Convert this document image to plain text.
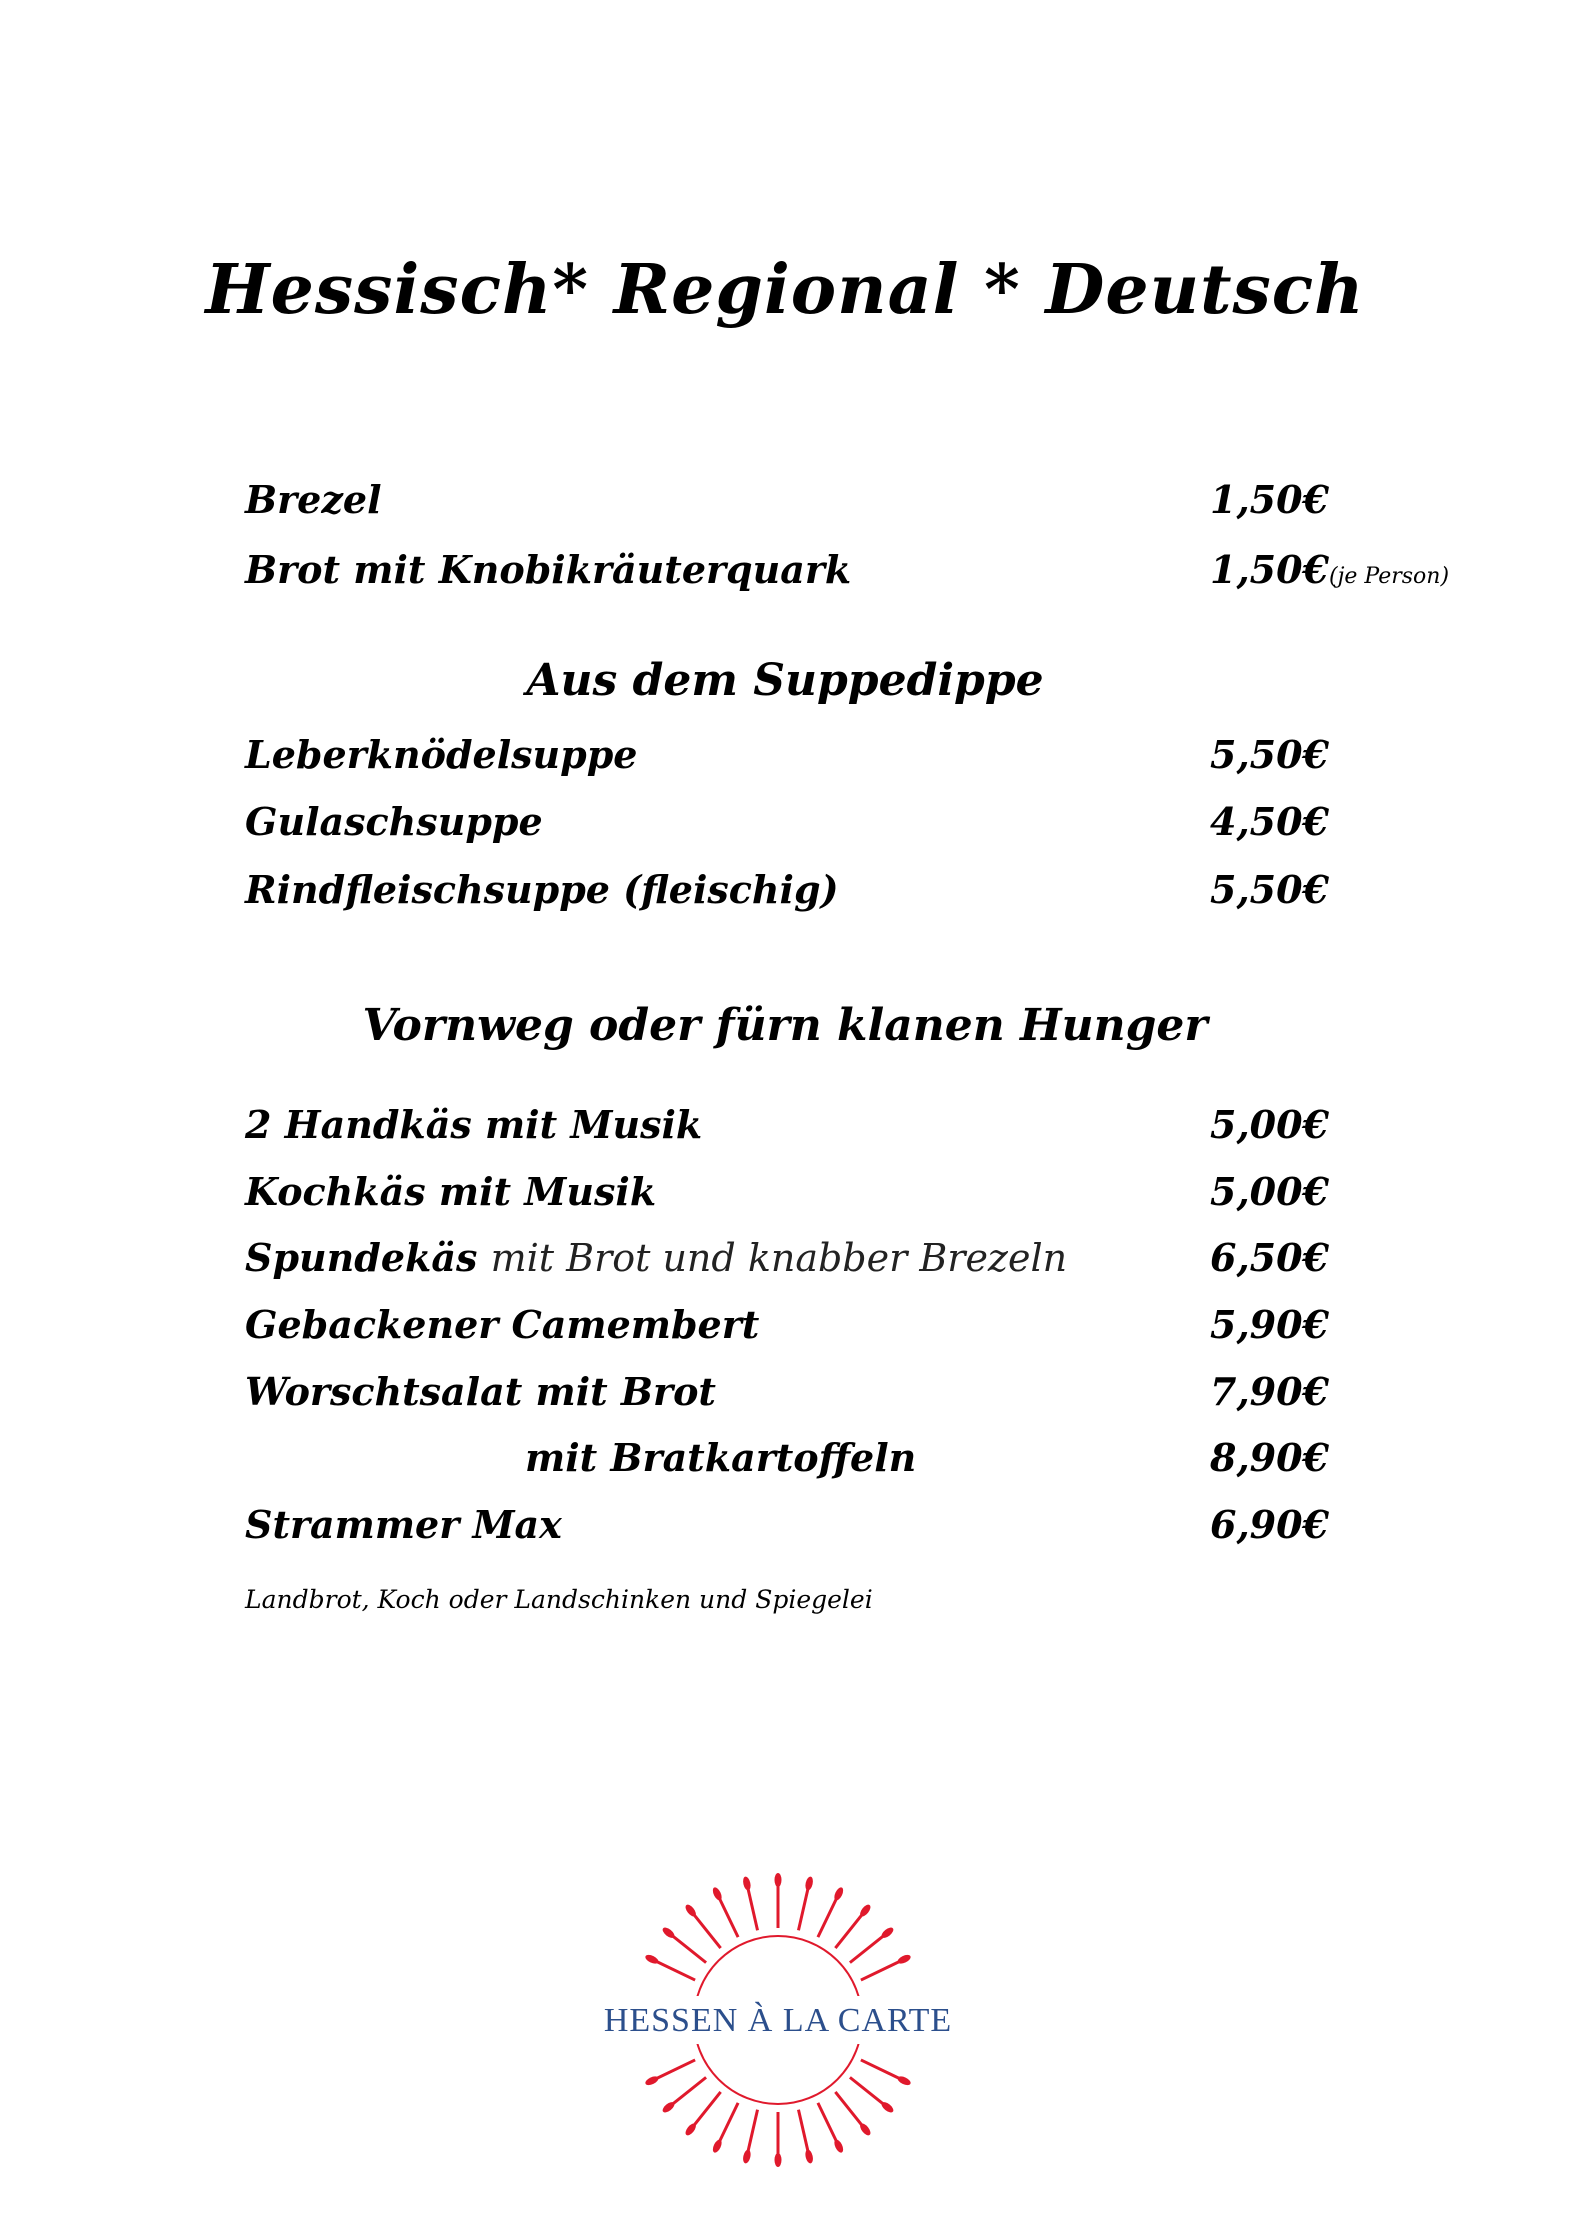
Hessisch* Regional * Deutsch
Brezel	1,50€
Brot mit Knobikräuterquark	1,50€(je Person)
Aus dem Suppedippe
Leberknödelsuppe	5,50€
Gulaschsuppe	4,50€
Rindfleischsuppe (fleischig)	5,50€
Vornweg oder fürn klanen Hunger
2 Handkäs mit Musik	5,00€
Kochkäs mit Musik	5,00€
Spundekäs mit Brot und knabber Brezeln	6,50€
Gebackener Camembert	5,90€
Worschtsalat mit Brot	7,90€
mit Bratkartoffeln	8,90€
Strammer Max	6,90€
Landbrot, Koch oder Landschinken und Spiegelei
HESSEN À LA CARTE
